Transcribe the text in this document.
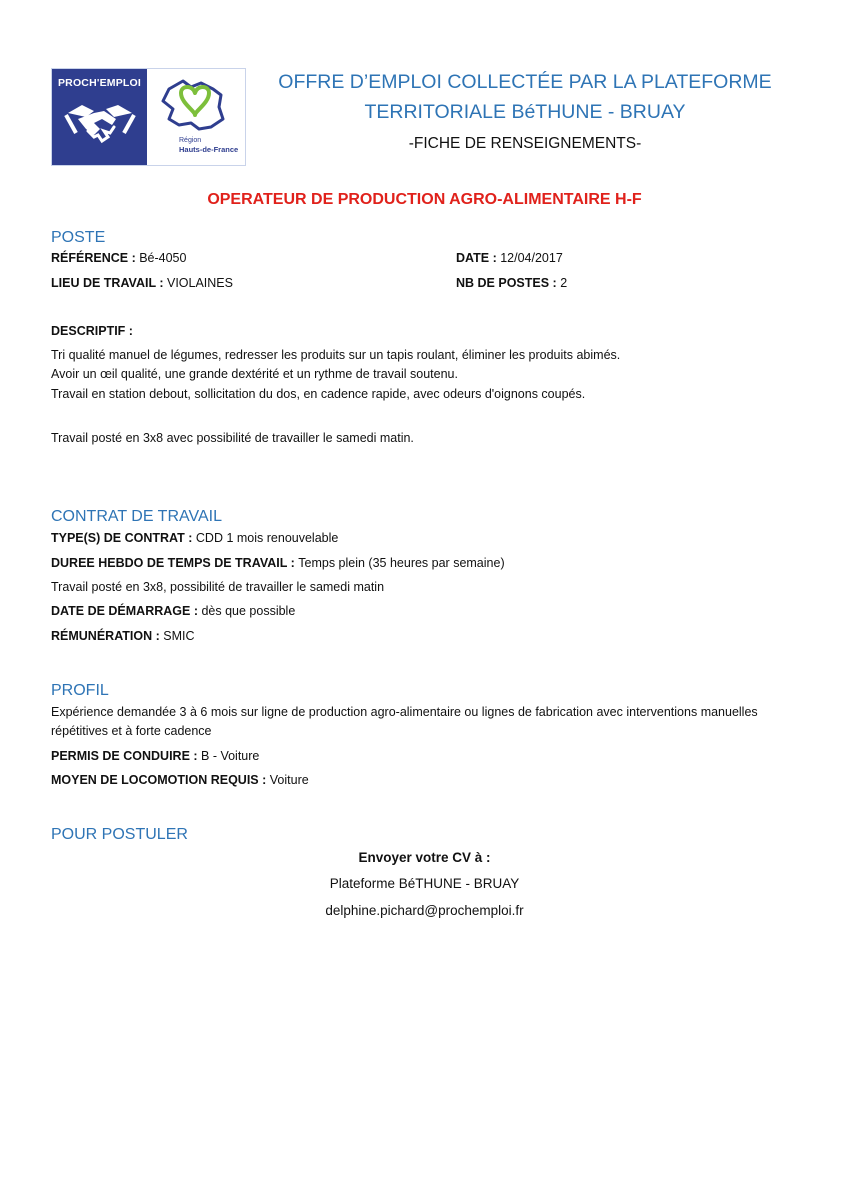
PROCH'EMPLOI
Région
Hauts-de-France
OFFRE D’EMPLOI COLLECTÉE PAR LA PLATEFORME
TERRITORIALE BéTHUNE - BRUAY
-FICHE DE RENSEIGNEMENTS-
OPERATEUR DE PRODUCTION AGRO-ALIMENTAIRE H-F
POSTE
RÉFÉRENCE : Bé-4050	DATE : 12/04/2017
LIEU DE TRAVAIL : VIOLAINES	NB DE POSTES : 2
DESCRIPTIF :
Tri qualité manuel de légumes, redresser les produits sur un tapis roulant, éliminer les produits abimés.
Avoir un œil qualité, une grande dextérité et un rythme de travail soutenu.
Travail en station debout, sollicitation du dos, en cadence rapide, avec odeurs d'oignons coupés.
Travail posté en 3x8 avec possibilité de travailler le samedi matin.
CONTRAT DE TRAVAIL
TYPE(S) DE CONTRAT : CDD 1 mois renouvelable
DUREE HEBDO DE TEMPS DE TRAVAIL : Temps plein (35 heures par semaine)
Travail posté en 3x8, possibilité de travailler le samedi matin
DATE DE DÉMARRAGE : dès que possible
RÉMUNÉRATION : SMIC
PROFIL
Expérience demandée 3 à 6 mois sur ligne de production agro-alimentaire ou lignes de fabrication avec interventions manuelles
répétitives et à forte cadence
PERMIS DE CONDUIRE : B - Voiture
MOYEN DE LOCOMOTION REQUIS : Voiture
POUR POSTULER
Envoyer votre CV à :
Plateforme BéTHUNE - BRUAY
delphine.pichard@prochemploi.fr
